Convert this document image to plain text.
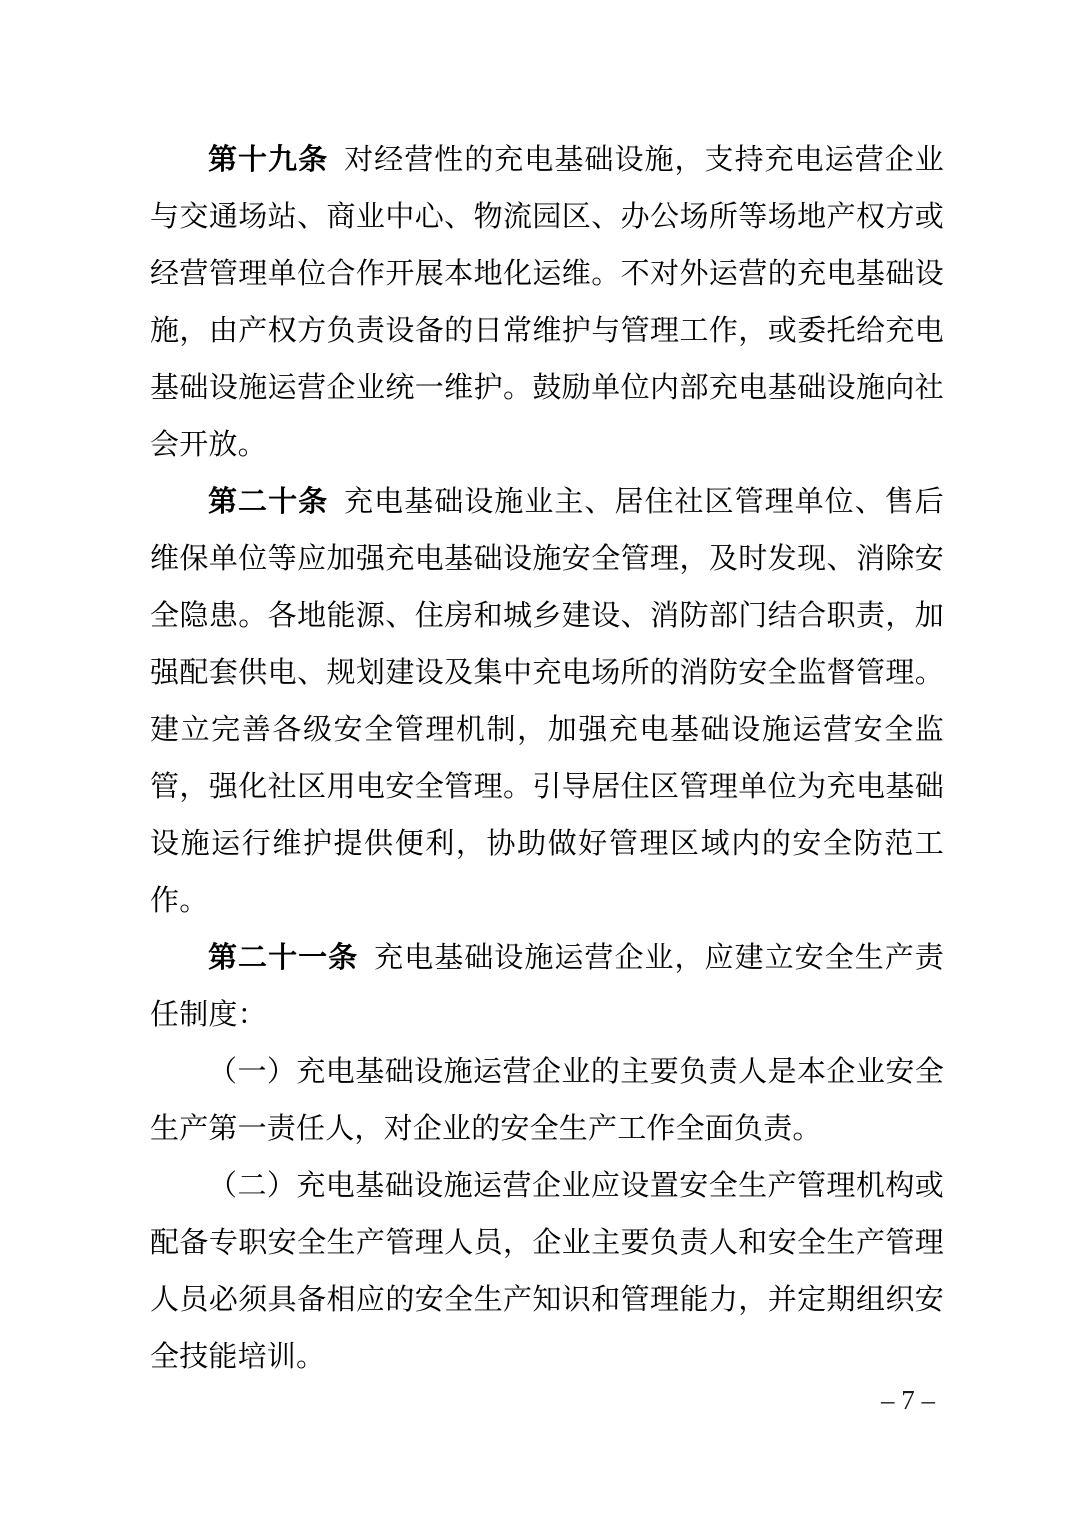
第十九条 对经营性的充电基础设施，支持充电运营企业与交通场站、商业中心、物流园区、办公场所等场地产权方或经营管理单位合作开展本地化运维。不对外运营的充电基础设施，由产权方负责设备的日常维护与管理工作，或委托给充电基础设施运营企业统一维护。鼓励单位内部充电基础设施向社会开放。

第二十条 充电基础设施业主、居住社区管理单位、售后维保单位等应加强充电基础设施安全管理，及时发现、消除安全隐患。各地能源、住房和城乡建设、消防部门结合职责，加强配套供电、规划建设及集中充电场所的消防安全监督管理。建立完善各级安全管理机制，加强充电基础设施运营安全监管，强化社区用电安全管理。引导居住区管理单位为充电基础设施运行维护提供便利，协助做好管理区域内的安全防范工作。

第二十一条 充电基础设施运营企业，应建立安全生产责任制度：

（一）充电基础设施运营企业的主要负责人是本企业安全生产第一责任人，对企业的安全生产工作全面负责。

（二）充电基础设施运营企业应设置安全生产管理机构或配备专职安全生产管理人员，企业主要负责人和安全生产管理人员必须具备相应的安全生产知识和管理能力，并定期组织安全技能培训。

– 7 –
